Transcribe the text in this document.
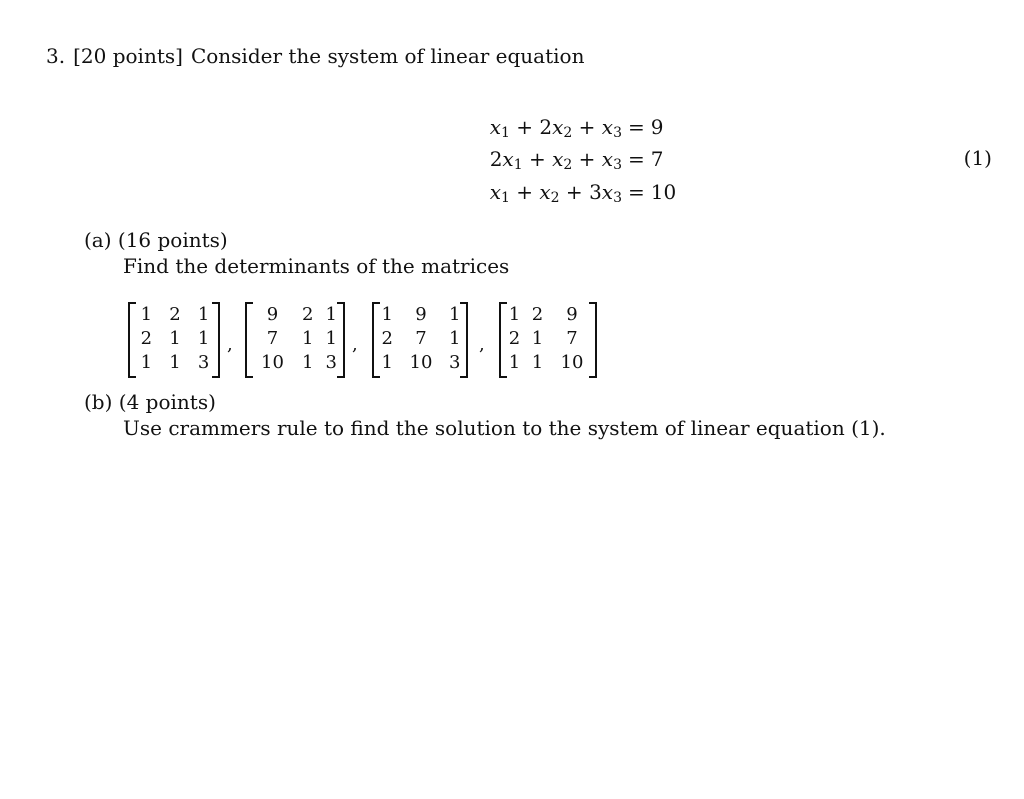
3. [20 points] Consider the system of linear equation
$x_1 + 2x_2 + x_3 = 9$
$2x_1 + x_2 + x_3 = 7$
$x_1 + x_2 + 3x_3 = 10$
(1)
(a) (16 points)
Find the determinants of the matrices
1	2	1
2	1	1
1	1	3
,
9	2	1
7	1	1
10	1	3
,
1	9	1
2	7	1
1	10	3
,
1	2	9
2	1	7
1	1	10
(b) (4 points)
Use crammers rule to find the solution to the system of linear equation (1).
